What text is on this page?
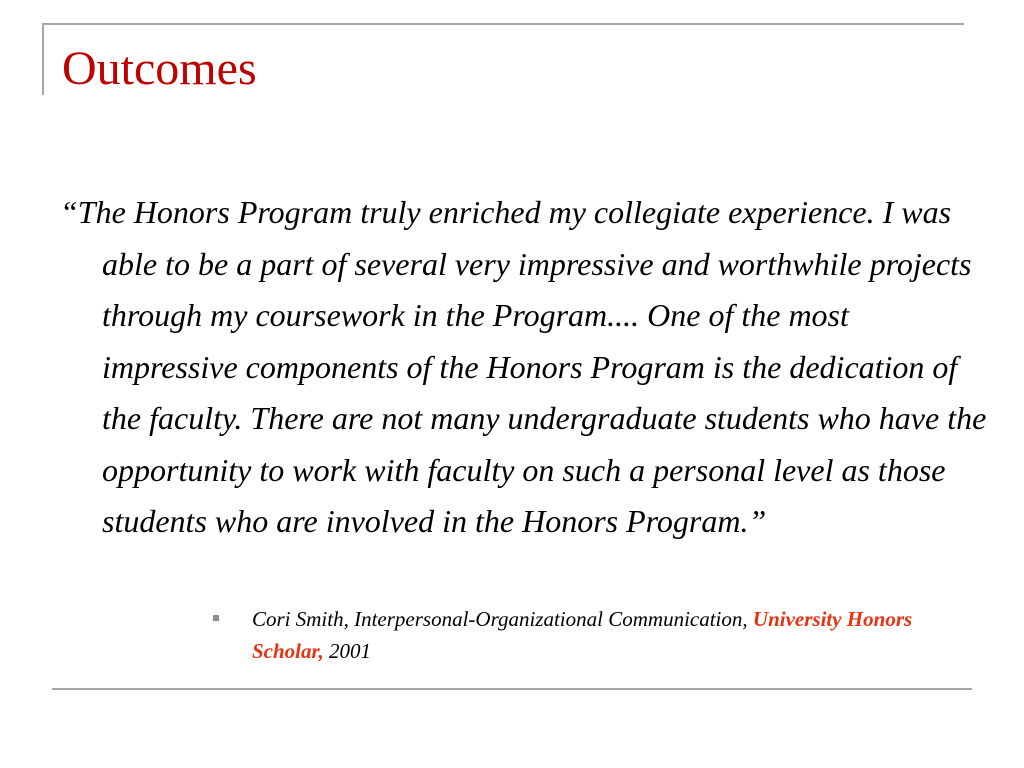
Outcomes

“The Honors Program truly enriched my collegiate experience. I was able to be a part of several very impressive and worthwhile projects through my coursework in the Program.... One of the most impressive components of the Honors Program is the dedication of the faculty. There are not many undergraduate students who have the opportunity to work with faculty on such a personal level as those students who are involved in the Honors Program.”

Cori Smith, Interpersonal-Organizational Communication, University Honors Scholar, 2001
